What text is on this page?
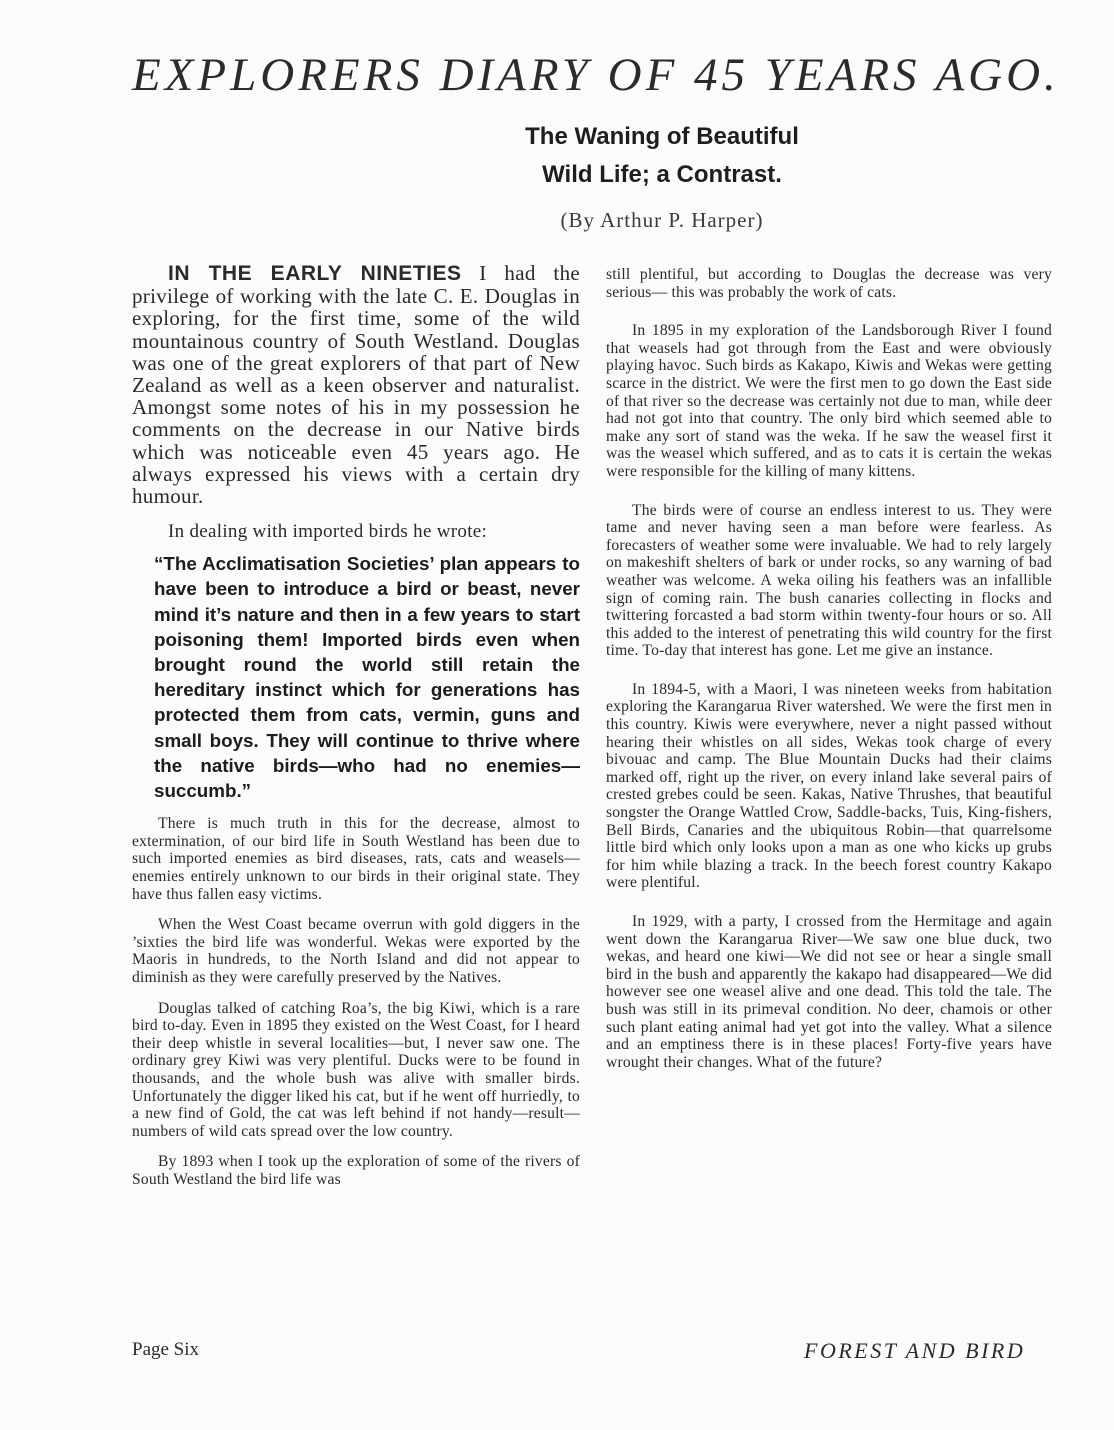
EXPLORERS DIARY OF 45 YEARS AGO.
The Waning of Beautiful
Wild Life; a Contrast.
(By Arthur P. Harper)

IN THE EARLY NINETIES I had the privilege of working with the late C. E. Douglas in exploring, for the first time, some of the wild mountainous country of South Westland. Douglas was one of the great explorers of that part of New Zealand as well as a keen observer and naturalist. Amongst some notes of his in my possession he comments on the decrease in our Native birds which was noticeable even 45 years ago. He always expressed his views with a certain dry humour.

In dealing with imported birds he wrote:

“The Acclimatisation Societies’ plan appears to have been to introduce a bird or beast, never mind it’s nature and then in a few years to start poisoning them! Imported birds even when brought round the world still retain the hereditary instinct which for generations has protected them from cats, vermin, guns and small boys. They will continue to thrive where the native birds—who had no enemies—succumb.”

There is much truth in this for the decrease, almost to extermination, of our bird life in South Westland has been due to such imported enemies as bird diseases, rats, cats and weasels—enemies entirely unknown to our birds in their original state. They have thus fallen easy victims.

When the West Coast became overrun with gold diggers in the ’sixties the bird life was wonderful. Wekas were exported by the Maoris in hundreds, to the North Island and did not appear to diminish as they were carefully preserved by the Natives.

Douglas talked of catching Roa’s, the big Kiwi, which is a rare bird to-day. Even in 1895 they existed on the West Coast, for I heard their deep whistle in several localities—but, I never saw one. The ordinary grey Kiwi was very plentiful. Ducks were to be found in thousands, and the whole bush was alive with smaller birds. Unfortunately the digger liked his cat, but if he went off hurriedly, to a new find of Gold, the cat was left behind if not handy—result—numbers of wild cats spread over the low country.

By 1893 when I took up the exploration of some of the rivers of South Westland the bird life was

still plentiful, but according to Douglas the decrease was very serious— this was probably the work of cats.

In 1895 in my exploration of the Landsborough River I found that weasels had got through from the East and were obviously playing havoc. Such birds as Kakapo, Kiwis and Wekas were getting scarce in the district. We were the first men to go down the East side of that river so the decrease was certainly not due to man, while deer had not got into that country. The only bird which seemed able to make any sort of stand was the weka. If he saw the weasel first it was the weasel which suffered, and as to cats it is certain the wekas were responsible for the killing of many kittens.

The birds were of course an endless interest to us. They were tame and never having seen a man before were fearless. As forecasters of weather some were invaluable. We had to rely largely on makeshift shelters of bark or under rocks, so any warning of bad weather was welcome. A weka oiling his feathers was an infallible sign of coming rain. The bush canaries collecting in flocks and twittering forcasted a bad storm within twenty-four hours or so. All this added to the interest of penetrating this wild country for the first time. To-day that interest has gone. Let me give an instance.

In 1894-5, with a Maori, I was nineteen weeks from habitation exploring the Karangarua River watershed. We were the first men in this country. Kiwis were everywhere, never a night passed without hearing their whistles on all sides, Wekas took charge of every bivouac and camp. The Blue Mountain Ducks had their claims marked off, right up the river, on every inland lake several pairs of crested grebes could be seen. Kakas, Native Thrushes, that beautiful songster the Orange Wattled Crow, Saddle-backs, Tuis, King-fishers, Bell Birds, Canaries and the ubiquitous Robin—that quarrelsome little bird which only looks upon a man as one who kicks up grubs for him while blazing a track. In the beech forest country Kakapo were plentiful.

In 1929, with a party, I crossed from the Hermitage and again went down the Karangarua River—We saw one blue duck, two wekas, and heard one kiwi—We did not see or hear a single small bird in the bush and apparently the kakapo had disappeared—We did however see one weasel alive and one dead. This told the tale. The bush was still in its primeval condition. No deer, chamois or other such plant eating animal had yet got into the valley. What a silence and an emptiness there is in these places! Forty-five years have wrought their changes. What of the future?

Page Six	FOREST AND BIRD
